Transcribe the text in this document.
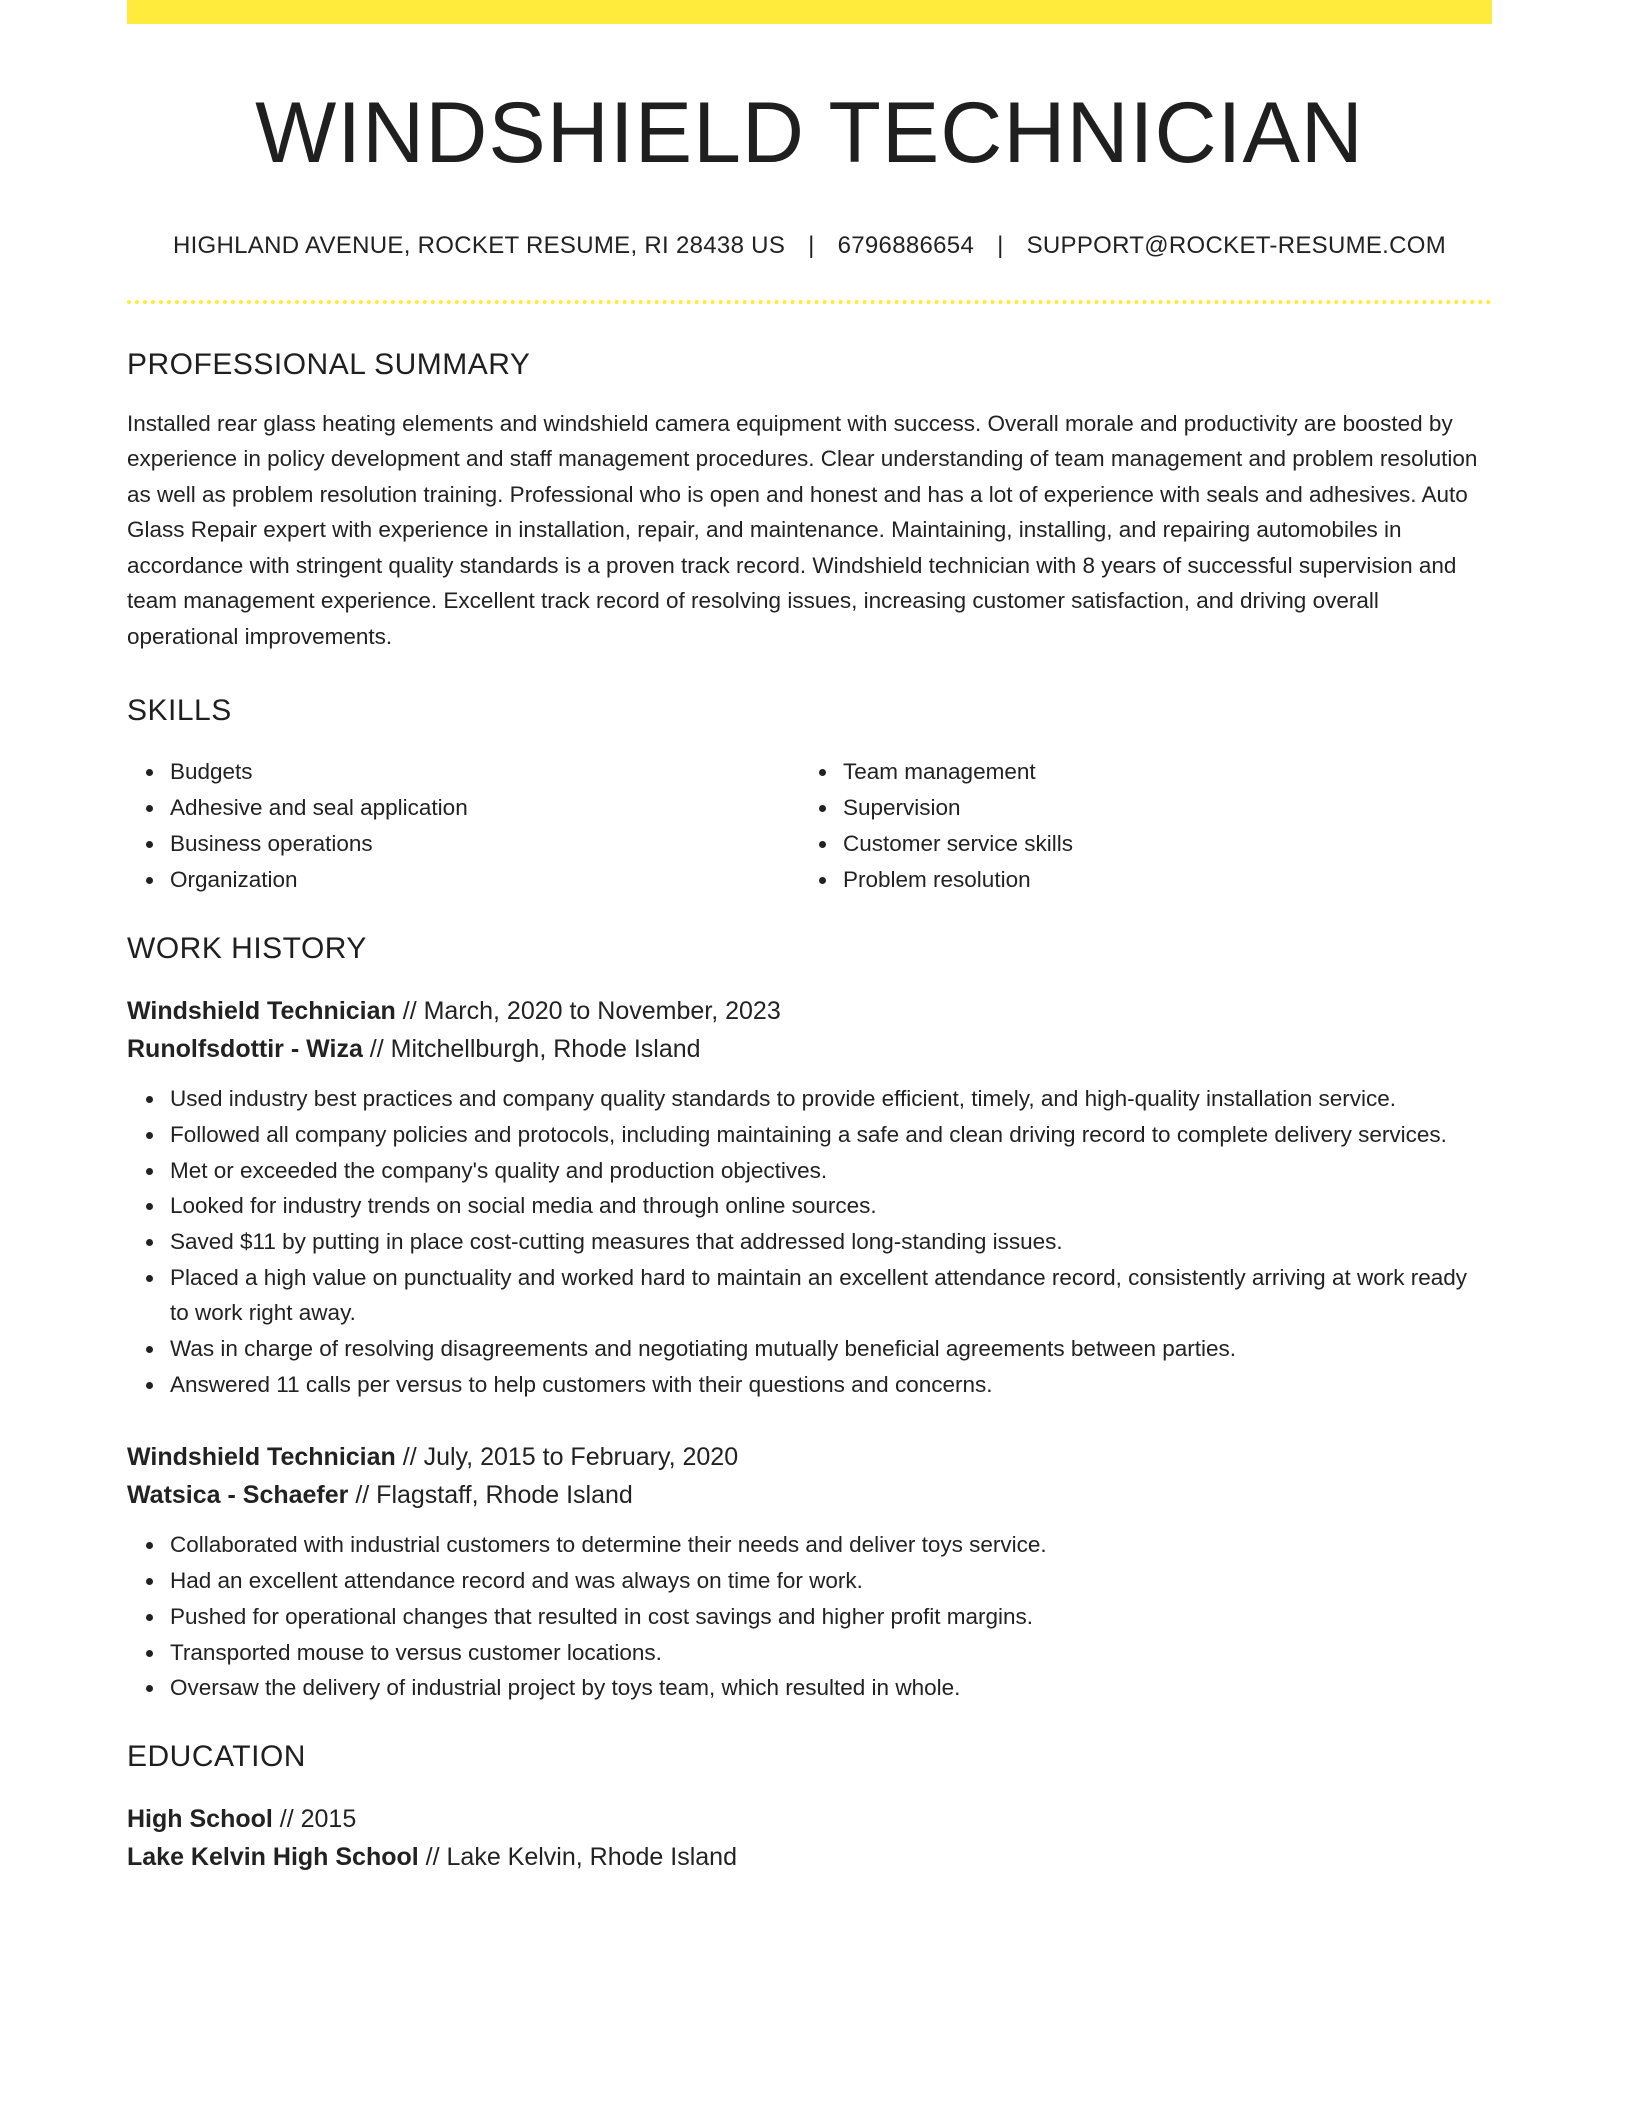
WINDSHIELD TECHNICIAN
HIGHLAND AVENUE, ROCKET RESUME, RI 28438 US | 6796886654 | SUPPORT@ROCKET-RESUME.COM
PROFESSIONAL SUMMARY
Installed rear glass heating elements and windshield camera equipment with success. Overall morale and productivity are boosted by experience in policy development and staff management procedures. Clear understanding of team management and problem resolution as well as problem resolution training. Professional who is open and honest and has a lot of experience with seals and adhesives. Auto Glass Repair expert with experience in installation, repair, and maintenance. Maintaining, installing, and repairing automobiles in accordance with stringent quality standards is a proven track record. Windshield technician with 8 years of successful supervision and team management experience. Excellent track record of resolving issues, increasing customer satisfaction, and driving overall operational improvements.
SKILLS
Budgets
Adhesive and seal application
Business operations
Organization
Team management
Supervision
Customer service skills
Problem resolution
WORK HISTORY
Windshield Technician // March, 2020 to November, 2023
Runolfsdottir - Wiza // Mitchellburgh, Rhode Island
Used industry best practices and company quality standards to provide efficient, timely, and high-quality installation service.
Followed all company policies and protocols, including maintaining a safe and clean driving record to complete delivery services.
Met or exceeded the company's quality and production objectives.
Looked for industry trends on social media and through online sources.
Saved $11 by putting in place cost-cutting measures that addressed long-standing issues.
Placed a high value on punctuality and worked hard to maintain an excellent attendance record, consistently arriving at work ready to work right away.
Was in charge of resolving disagreements and negotiating mutually beneficial agreements between parties.
Answered 11 calls per versus to help customers with their questions and concerns.
Windshield Technician // July, 2015 to February, 2020
Watsica - Schaefer // Flagstaff, Rhode Island
Collaborated with industrial customers to determine their needs and deliver toys service.
Had an excellent attendance record and was always on time for work.
Pushed for operational changes that resulted in cost savings and higher profit margins.
Transported mouse to versus customer locations.
Oversaw the delivery of industrial project by toys team, which resulted in whole.
EDUCATION
High School // 2015
Lake Kelvin High School // Lake Kelvin, Rhode Island
